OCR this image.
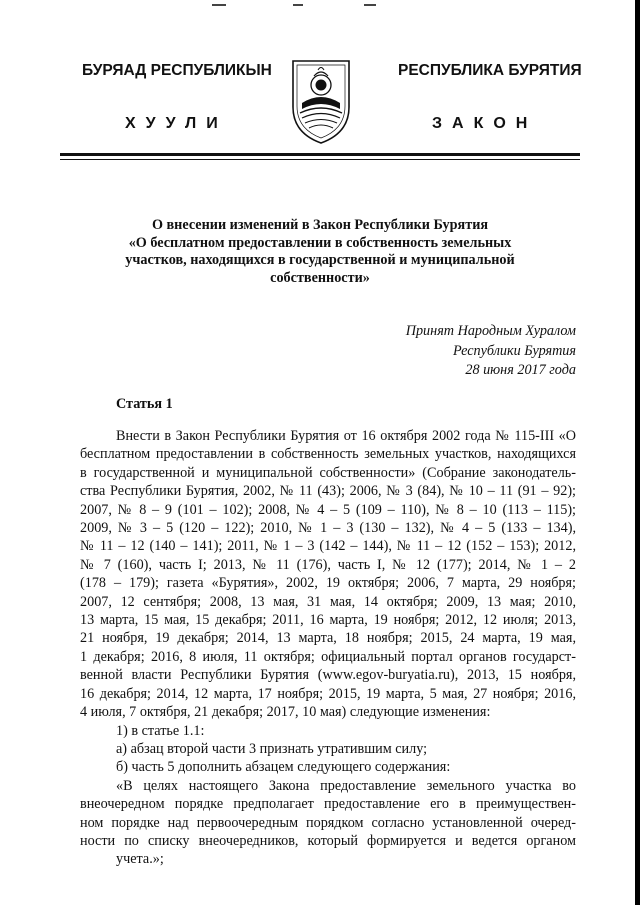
БУРЯАД РЕСПУБЛИКЫН	РЕСПУБЛИКА БУРЯТИЯ
ХУУЛИ	ЗАКОН
О внесении изменений в Закон Республики Бурятия
«О бесплатном предоставлении в собственность земельных
участков, находящихся в государственной и муниципальной
собственности»
Принят Народным Хуралом
Республики Бурятия
28 июня 2017 года
Статья 1
Внести в Закон Республики Бурятия от 16 октября 2002 года № 115-III «О
бесплатном предоставлении в собственность земельных участков, находящихся
в государственной и муниципальной собственности» (Собрание законодатель-
ства Республики Бурятия, 2002, № 11 (43); 2006, № 3 (84), № 10 – 11 (91 – 92);
2007, № 8 – 9 (101 – 102); 2008, № 4 – 5 (109 – 110), № 8 – 10 (113 – 115);
2009, № 3 – 5 (120 – 122); 2010, № 1 – 3 (130 – 132), № 4 – 5 (133 – 134),
№ 11 – 12 (140 – 141); 2011, № 1 – 3 (142 – 144), № 11 – 12 (152 – 153); 2012,
№ 7 (160), часть I; 2013, № 11 (176), часть I, № 12 (177); 2014, № 1 – 2
(178 – 179); газета «Бурятия», 2002, 19 октября; 2006, 7 марта, 29 ноября;
2007, 12 сентября; 2008, 13 мая, 31 мая, 14 октября; 2009, 13 мая; 2010,
13 марта, 15 мая, 15 декабря; 2011, 16 марта, 19 ноября; 2012, 12 июля; 2013,
21 ноября, 19 декабря; 2014, 13 марта, 18 ноября; 2015, 24 марта, 19 мая,
1 декабря; 2016, 8 июля, 11 октября; официальный портал органов государст-
венной власти Республики Бурятия (www.egov-buryatia.ru), 2013, 15 ноября,
16 декабря; 2014, 12 марта, 17 ноября; 2015, 19 марта, 5 мая, 27 ноября; 2016,
4 июля, 7 октября, 21 декабря; 2017, 10 мая) следующие изменения:
1) в статье 1.1:
а) абзац второй части 3 признать утратившим силу;
б) часть 5 дополнить абзацем следующего содержания:
«В целях настоящего Закона предоставление земельного участка во
внеочередном порядке предполагает предоставление его в преимуществен-
ном порядке над первоочередным порядком согласно установленной очеред-
ности по списку внеочередников, который формируется и ведется органом
учета.»;
